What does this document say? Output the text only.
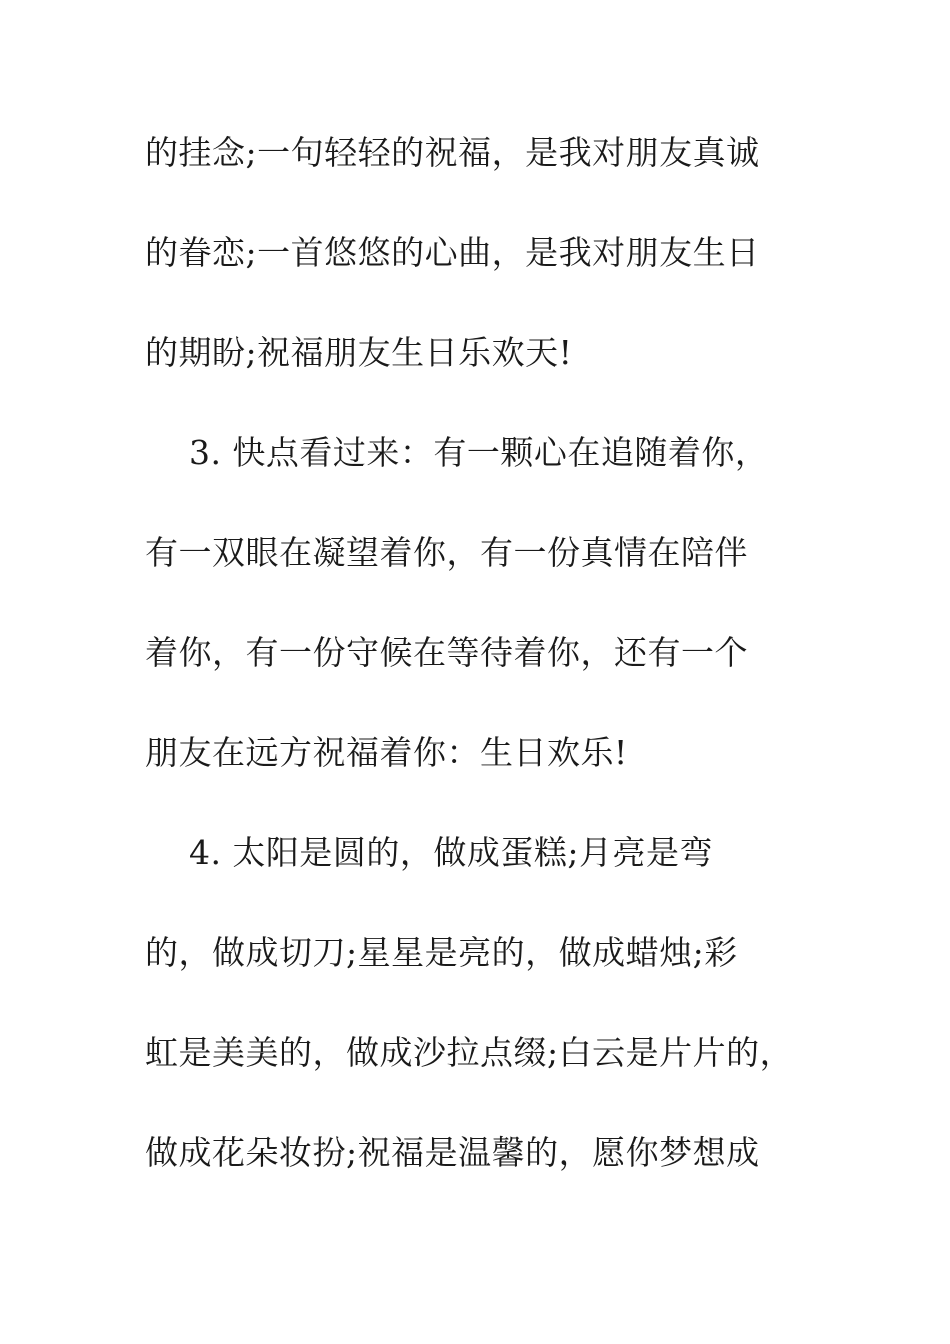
的挂念;一句轻轻的祝福，是我对朋友真诚
的眷恋;一首悠悠的心曲，是我对朋友生日
的期盼;祝福朋友生日乐欢天!
3. 快点看过来：有一颗心在追随着你，
有一双眼在凝望着你，有一份真情在陪伴
着你，有一份守候在等待着你，还有一个
朋友在远方祝福着你：生日欢乐!
4. 太阳是圆的，做成蛋糕;月亮是弯
的，做成切刀;星星是亮的，做成蜡烛;彩
虹是美美的，做成沙拉点缀;白云是片片的，
做成花朵妆扮;祝福是温馨的，愿你梦想成
